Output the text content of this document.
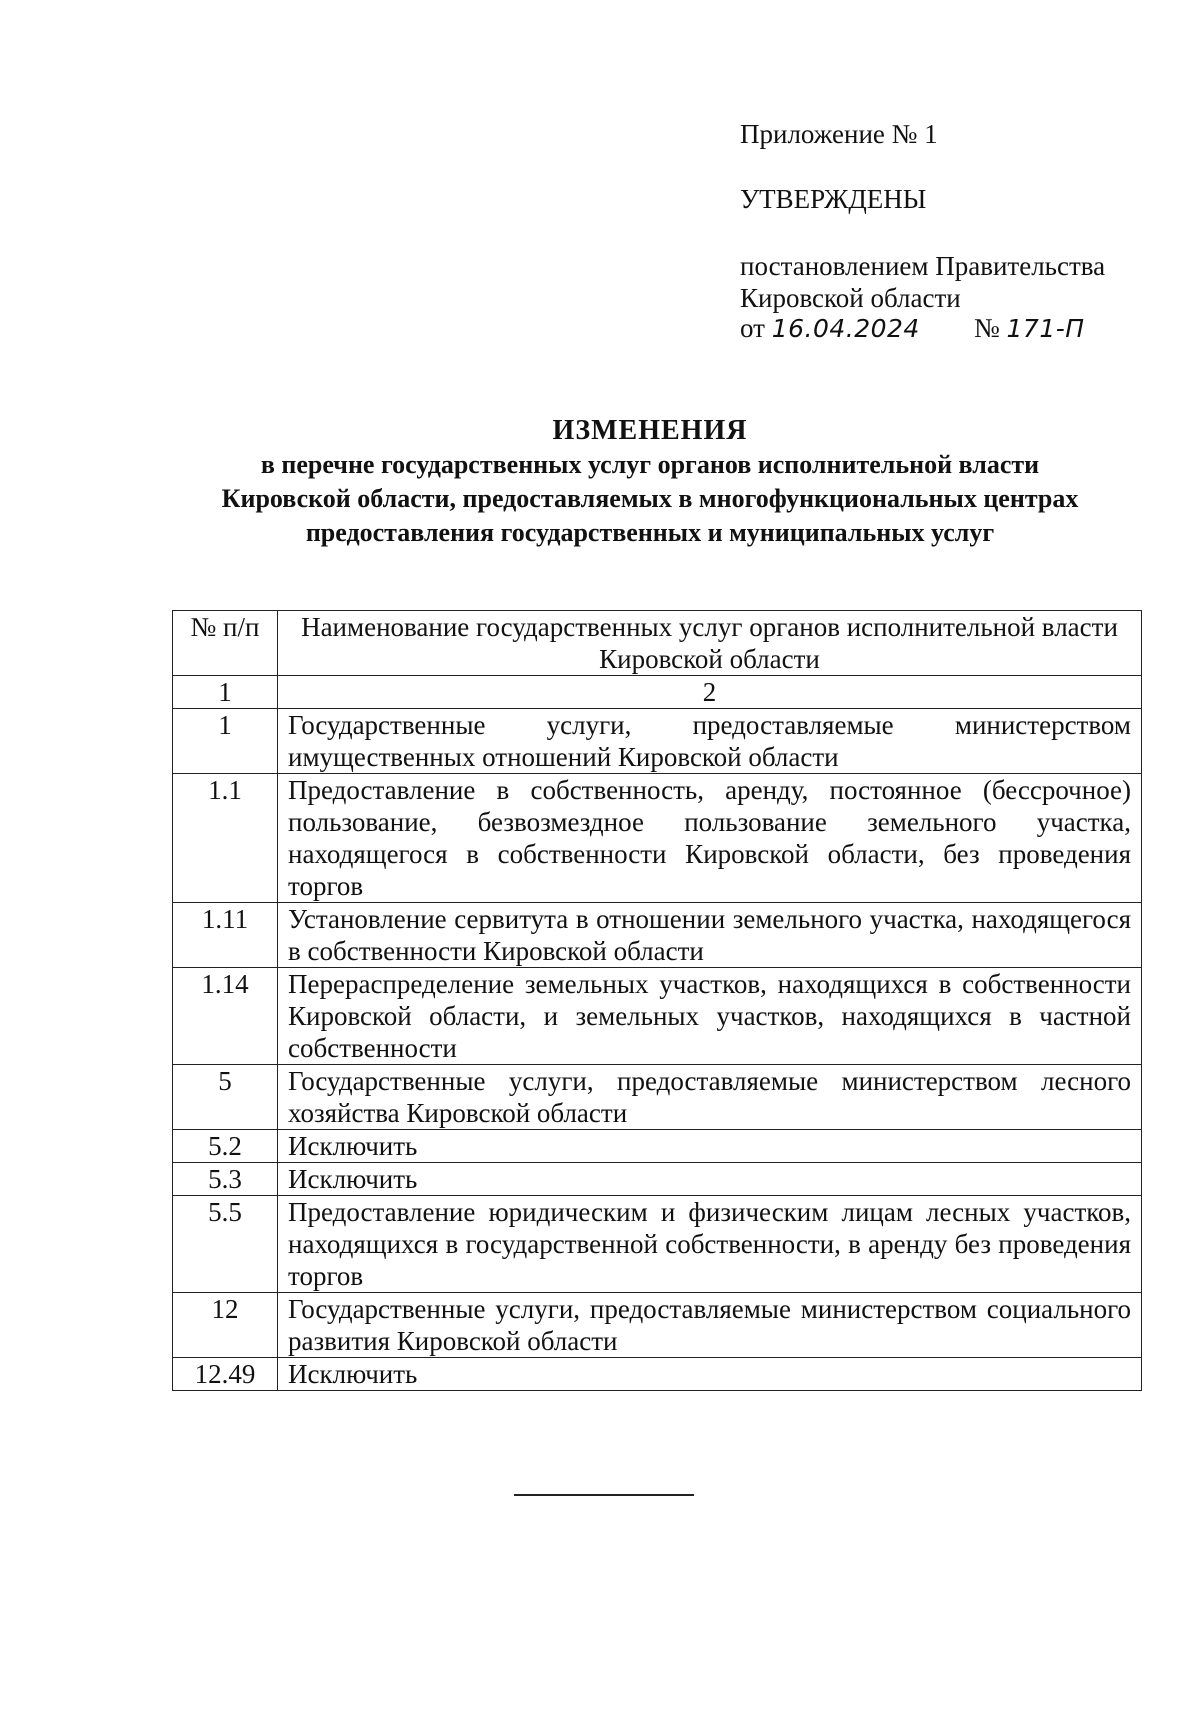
Приложение № 1
УТВЕРЖДЕНЫ
постановлением Правительства
Кировской области
от 16.04.2024 № 171-П
ИЗМЕНЕНИЯ
в перечне государственных услуг органов исполнительной власти
Кировской области, предоставляемых в многофункциональных центрах
предоставления государственных и муниципальных услуг
№ п/п	Наименование государственных услуг органов исполнительной власти Кировской области
1	2
1	Государственные услуги, предоставляемые министерством имущественных отношений Кировской области
1.1	Предоставление в собственность, аренду, постоянное (бессрочное) пользование, безвозмездное пользование земельного участка, находящегося в собственности Кировской области, без проведения торгов
1.11	Установление сервитута в отношении земельного участка, находящегося в собственности Кировской области
1.14	Перераспределение земельных участков, находящихся в собственности Кировской области, и земельных участков, находящихся в частной собственности
5	Государственные услуги, предоставляемые министерством лесного хозяйства Кировской области
5.2	Исключить
5.3	Исключить
5.5	Предоставление юридическим и физическим лицам лесных участков, находящихся в государственной собственности, в аренду без проведения торгов
12	Государственные услуги, предоставляемые министерством социального развития Кировской области
12.49	Исключить
